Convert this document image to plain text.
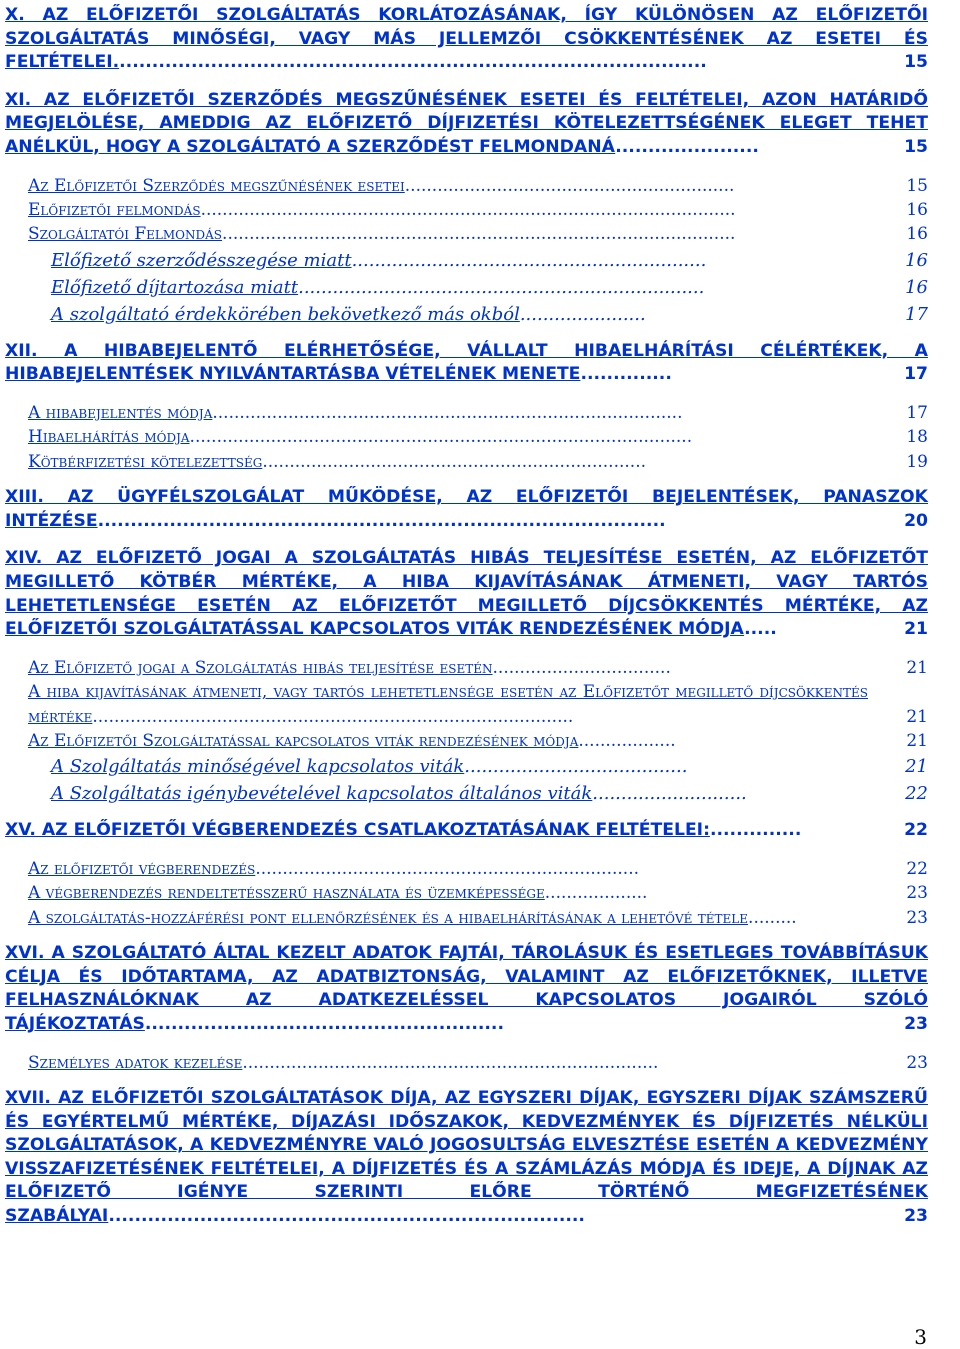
X. AZ ELŐFIZETŐI SZOLGÁLTATÁS KORLÁTOZÁSÁNAK, ÍGY KÜLÖNÖSEN AZ ELŐFIZETŐI SZOLGÁLTATÁS MINŐSÉGI, VAGY MÁS JELLEMZŐI CSÖKKENTÉSÉNEK AZ ESETEI ÉS FELTÉTELEI...........................................................................................	15
XI. AZ ELŐFIZETŐI SZERZŐDÉS MEGSZŰNÉSÉNEK ESETEI ÉS FELTÉTELEI, AZON HATÁRIDŐ MEGJELÖLÉSE, AMEDDIG AZ ELŐFIZETŐ DÍJFIZETÉSI KÖTELEZETTSÉGÉNEK ELEGET TEHET ANÉLKÜL, HOGY A SZOLGÁLTATÓ A SZERZŐDÉST FELMONDANÁ......................	15
Az Előfizetői Szerződés megszűnésének esetei.............................................................	15
Előfizetői felmondás...................................................................................................	16
Szolgáltatói Felmondás...............................................................................................	16
Előfizető szerződésszegése miatt..............................................................	16
Előfizető díjtartozása miatt.......................................................................	16
A szolgáltató érdekkörében bekövetkező más okból......................	17
XII. A HIBABEJELENTŐ ELÉRHETŐSÉGE, VÁLLALT HIBAELHÁRÍTÁSI CÉLÉRTÉKEK, A HIBABEJELENTÉSEK NYILVÁNTARTÁSBA VÉTELÉNEK MENETE..............	17
A hibabejelentés módja.......................................................................................	17
Hibaelhárítás módja.............................................................................................	18
Kötbérfizetési kötelezettség.......................................................................	19
XIII. AZ ÜGYFÉLSZOLGÁLAT MŰKÖDÉSE, AZ ELŐFIZETŐI BEJELENTÉSEK, PANASZOK INTÉZÉSE.......................................................................................	20
XIV. AZ ELŐFIZETŐ JOGAI A SZOLGÁLTATÁS HIBÁS TELJESÍTÉSE ESETÉN, AZ ELŐFIZETŐT MEGILLETŐ KÖTBÉR MÉRTÉKE, A HIBA KIJAVÍTÁSÁNAK ÁTMENETI, VAGY TARTÓS LEHETETLENSÉGE ESETÉN AZ ELŐFIZETŐT MEGILLETŐ DÍJCSÖKKENTÉS MÉRTÉKE, AZ ELŐFIZETŐI SZOLGÁLTATÁSSAL KAPCSOLATOS VITÁK RENDEZÉSÉNEK MÓDJA.....	21
Az Előfizető jogai a Szolgáltatás hibás teljesítése esetén.................................	21
A hiba kijavításának átmeneti, vagy tartós lehetetlensége esetén az Előfizetőt megillető díjcsökkentés mértéke.........................................................................................	21
Az Előfizetői Szolgáltatással kapcsolatos viták rendezésének módja..................	21
A Szolgáltatás minőségével kapcsolatos viták.......................................	21
A Szolgáltatás igénybevételével kapcsolatos általános viták...........................	22
XV. AZ ELŐFIZETŐI VÉGBERENDEZÉS CSATLAKOZTATÁSÁNAK FELTÉTELEI:..............	22
Az előfizetői végberendezés.......................................................................	22
A végberendezés rendeltetésszerű használata és üzemképessége...................	23
A szolgáltatás-hozzáférési pont ellenőrzésének és a hibaelhárításának a lehetővé tétele.........	23
XVI. A SZOLGÁLTATÓ ÁLTAL KEZELT ADATOK FAJTÁI, TÁROLÁSUK ÉS ESETLEGES TOVÁBBÍTÁSUK CÉLJA ÉS IDŐTARTAMA, AZ ADATBIZTONSÁG, VALAMINT AZ ELŐFIZETŐKNEK, ILLETVE FELHASZNÁLÓKNAK AZ ADATKEZELÉSSEL KAPCSOLATOS JOGAIRÓL SZÓLÓ TÁJÉKOZTATÁS.......................................................	23
Személyes adatok kezelése.............................................................................	23
XVII. AZ ELŐFIZETŐI SZOLGÁLTATÁSOK DÍJA, AZ EGYSZERI DÍJAK, EGYSZERI DÍJAK SZÁMSZERŰ ÉS EGYÉRTELMŰ MÉRTÉKE, DÍJAZÁSI IDŐSZAKOK, KEDVEZMÉNYEK ÉS DÍJFIZETÉS NÉLKÜLI SZOLGÁLTATÁSOK, A KEDVEZMÉNYRE VALÓ JOGOSULTSÁG ELVESZTÉSE ESETÉN A KEDVEZMÉNY VISSZAFIZETÉSÉNEK FELTÉTELEI, A DÍJFIZETÉS ÉS A SZÁMLÁZÁS MÓDJA ÉS IDEJE, A DÍJNAK AZ ELŐFIZETŐ IGÉNYE SZERINTI ELŐRE TÖRTÉNŐ MEGFIZETÉSÉNEK SZABÁLYAI.........................................................................	23
3
